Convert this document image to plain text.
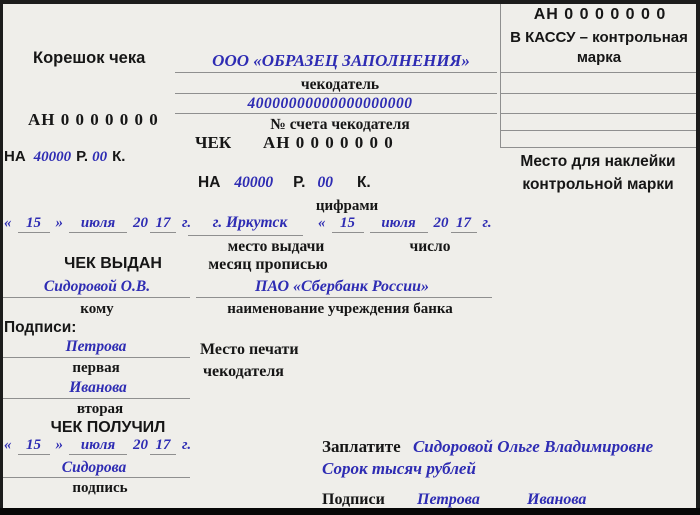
Корешок чека
АН 0 0 0 0 0 0 0
НА 40000 Р. 00 К.
« 15 »	июля	20 17 г.
ЧЕК ВЫДАН
Сидоровой О.В.
кому
Подписи:
Петрова
первая
Иванова
вторая
ЧЕК ПОЛУЧИЛ
« 15 »	июля	20 17 г.
Сидорова
подпись
ООО «ОБРАЗЕЦ ЗАПОЛНЕНИЯ»
чекодатель
40000000000000000000
№ счета чекодателя
ЧЕК АН 0 0 0 0 0 0 0
НА 40000 Р. 00 К.
цифрами
г. Иркутск
место выдачи
« 15	июля	20 17 г.
число
месяц прописью
ПАО «Сбербанк России»
наименование учреждения банка
Место печати
чекодателя
Заплатите Сидоровой Ольге Владимировне
Сорок тысяч рублей
Подписи Петрова	Иванова
АН 0 0 0 0 0 0 0
В КАССУ – контрольная марка
Место для наклейки
контрольной марки
